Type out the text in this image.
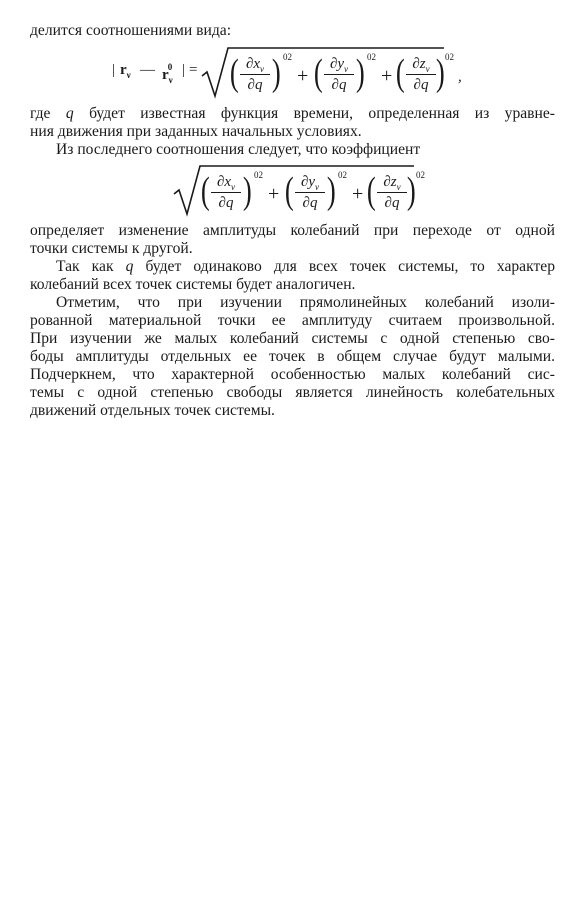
делится соотношениями вида:
| $r_\nu$ — $r_\nu^0$ | = ( $\partial x_\nu$
∂q ) 02
+ ( $\partial y_\nu$
∂q ) 02
+ ( $\partial z_\nu$
∂q ) 02
,
где q будет известная функция времени, определенная из уравне-
ния движения при заданных начальных условиях.
Из последнего соотношения следует, что коэффициент
( $\partial x_\nu$
∂q ) 02
+ ( $\partial y_\nu$
∂q ) 02
+ ( $\partial z_\nu$
∂q ) 02
определяет изменение амплитуды колебаний при переходе от одной
точки системы к другой.
Так как q будет одинаково для всех точек системы, то характер
колебаний всех точек системы будет аналогичен.
Отметим, что при изучении прямолинейных колебаний изоли-
рованной материальной точки ее амплитуду считаем произвольной.
При изучении же малых колебаний системы с одной степенью сво-
боды амплитуды отдельных ее точек в общем случае будут малыми.
Подчеркнем, что характерной особенностью малых колебаний сис-
темы с одной степенью свободы является линейность колебательных
движений отдельных точек системы.
